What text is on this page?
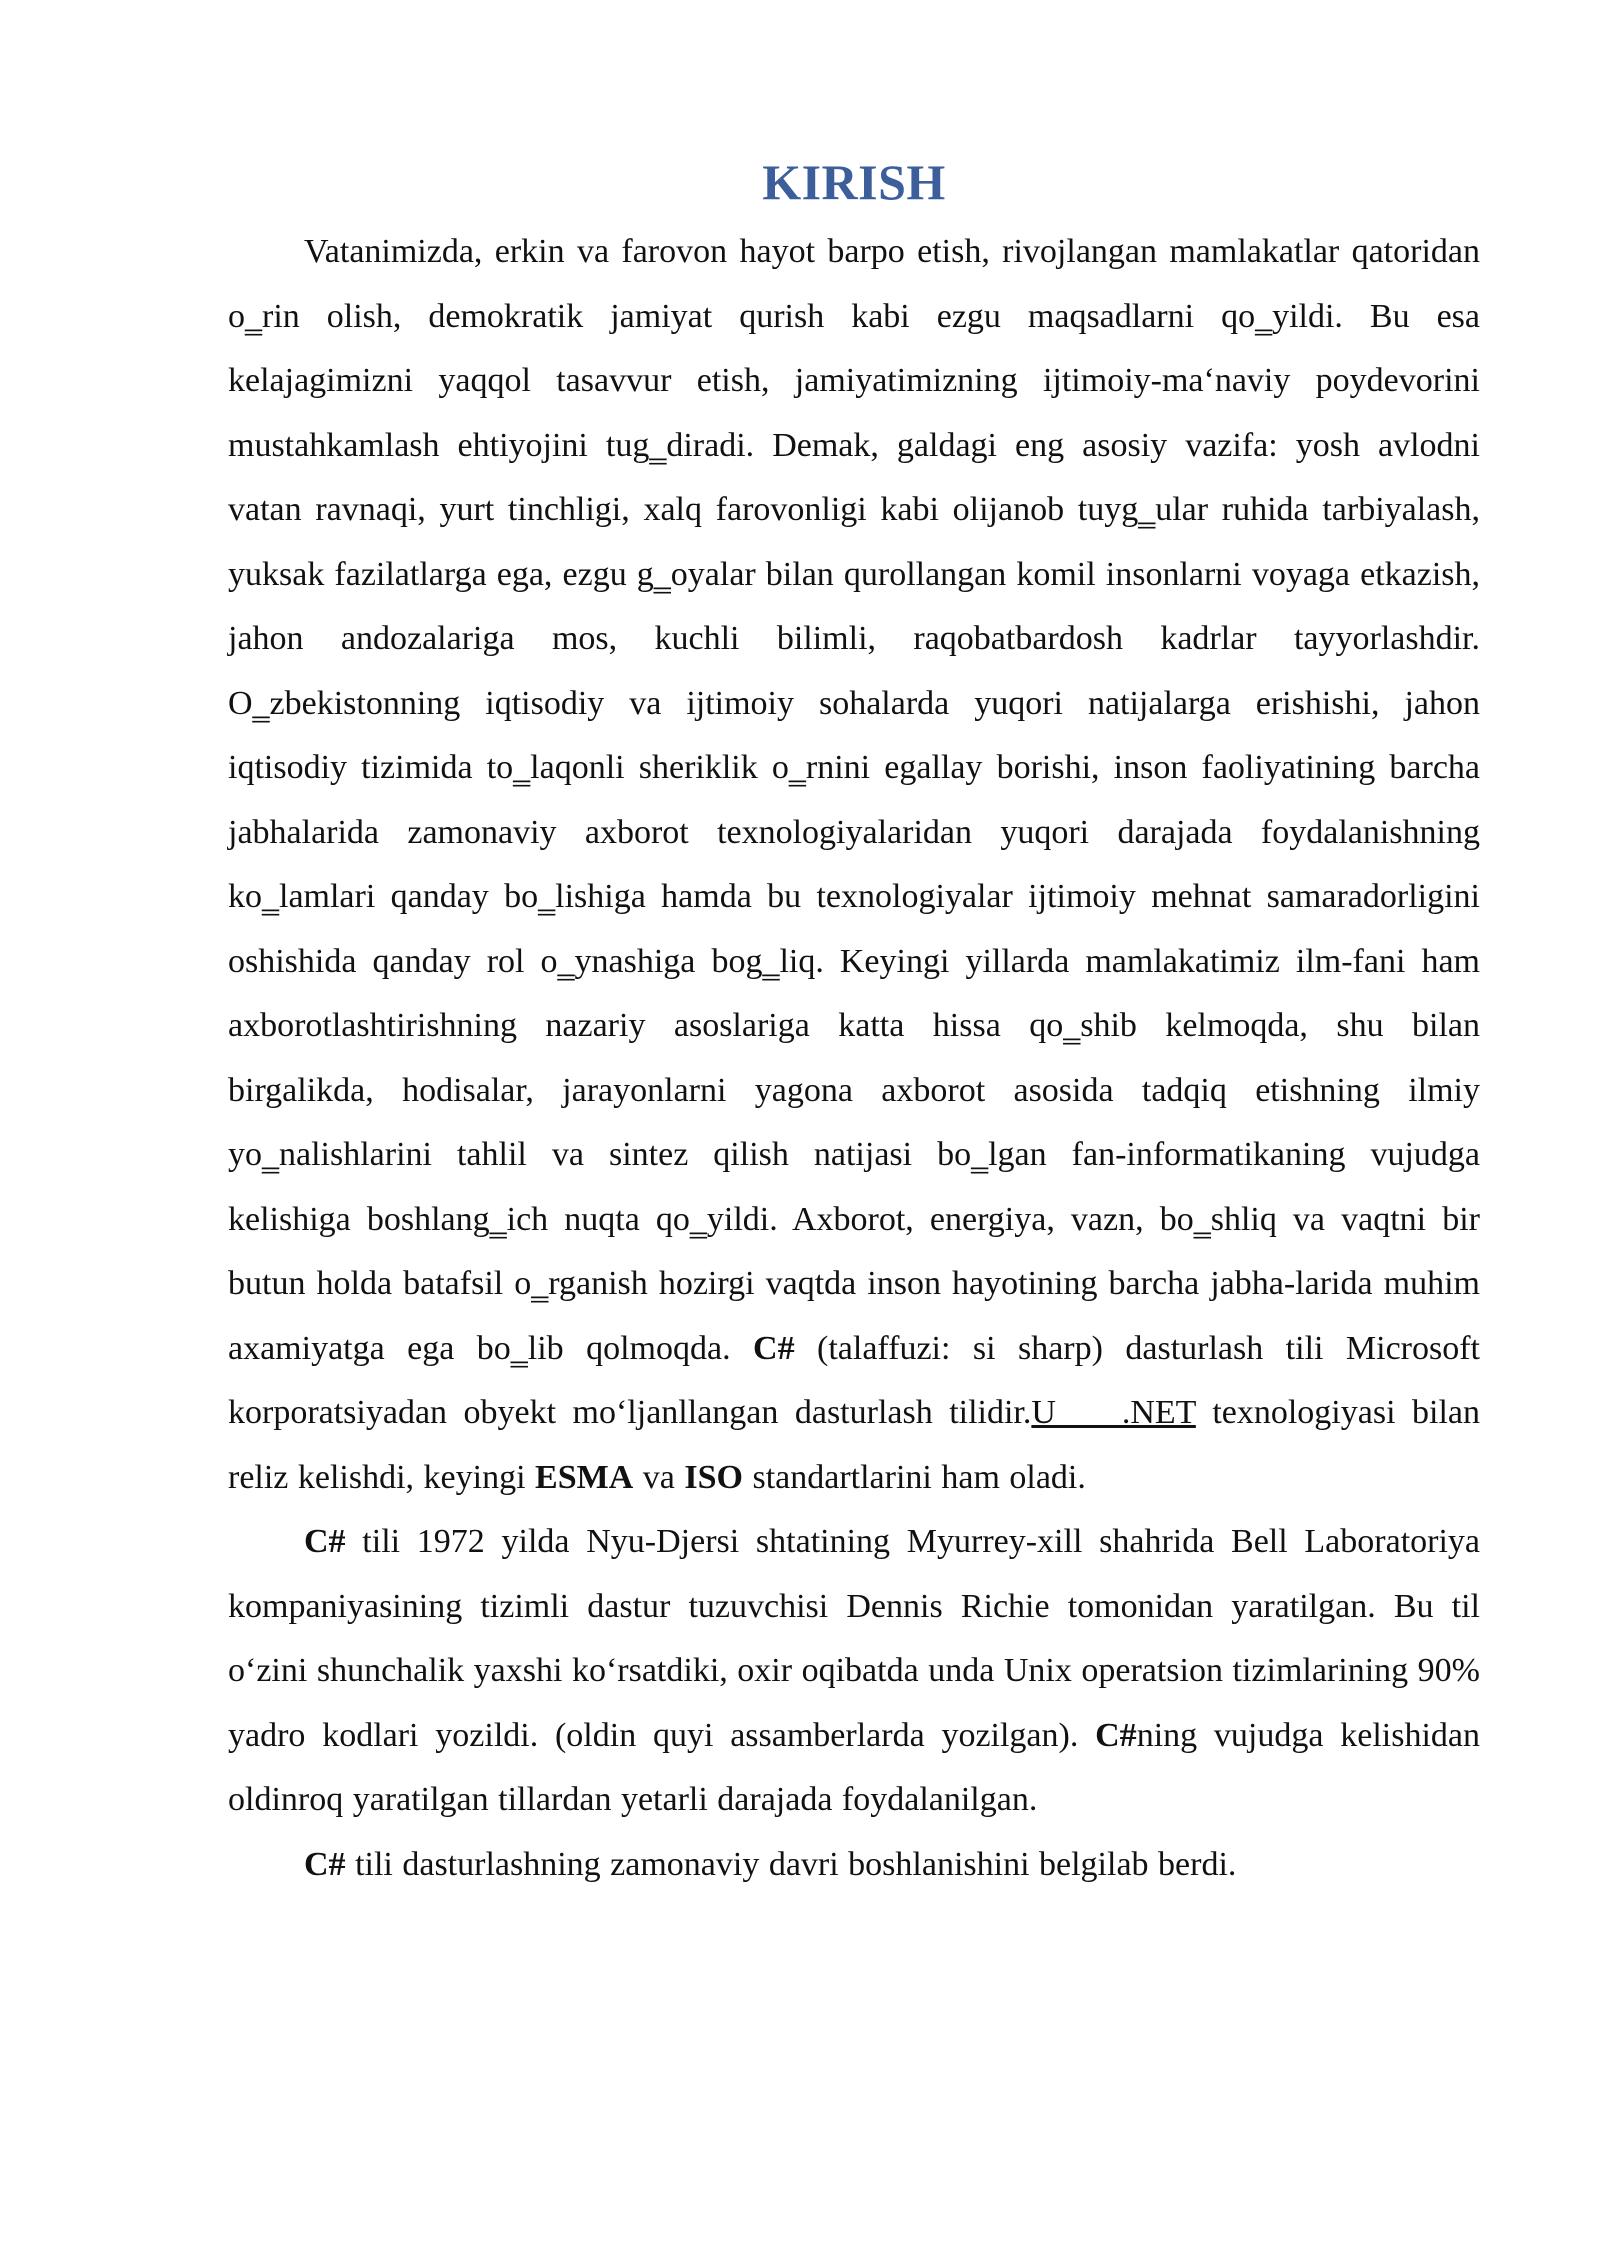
KIRISH

Vatanimizda, erkin va farovon hayot barpo etish, rivojlangan mamlakatlar qatoridan o‗rin olish, demokratik jamiyat qurish kabi ezgu maqsadlarni qo‗yildi. Bu esa kelajagimizni yaqqol tasavvur etish, jamiyatimizning ijtimoiy-ma‘naviy poydevorini mustahkamlash ehtiyojini tug‗diradi. Demak, galdagi eng asosiy vazifa: yosh avlodni vatan ravnaqi, yurt tinchligi, xalq farovonligi kabi olijanob tuyg‗ular ruhida tarbiyalash, yuksak fazilatlarga ega, ezgu g‗oyalar bilan qurollangan komil insonlarni voyaga etkazish, jahon andozalariga mos, kuchli bilimli, raqobatbardosh kadrlar tayyorlashdir. O‗zbekistonning iqtisodiy va ijtimoiy sohalarda yuqori natijalarga erishishi, jahon iqtisodiy tizimida to‗laqonli sheriklik o‗rnini egallay borishi, inson faoliyatining barcha jabhalarida zamonaviy axborot texnologiyalaridan yuqori darajada foydalanishning ko‗lamlari qanday bo‗lishiga hamda bu texnologiyalar ijtimoiy mehnat samaradorligini oshishida qanday rol o‗ynashiga bog‗liq. Keyingi yillarda mamlakatimiz ilm-fani ham axborotlashtirishning nazariy asoslariga katta hissa qo‗shib kelmoqda, shu bilan birgalikda, hodisalar, jarayonlarni yagona axborot asosida tadqiq etishning ilmiy yo‗nalishlarini tahlil va sintez qilish natijasi bo‗lgan fan-informatikaning vujudga kelishiga boshlang‗ich nuqta qo‗yildi. Axborot, energiya, vazn, bo‗shliq va vaqtni bir butun holda batafsil o‗rganish hozirgi vaqtda inson hayotining barcha jabha-larida muhim axamiyatga ega bo‗lib qolmoqda. C# (talaffuzi: si sharp) dasturlash tili Microsoft korporatsiyadan obyekt mo‘ljanllangan dasturlash tilidir.U    .NET texnologiyasi bilan reliz kelishdi, keyingi ESMA va ISO standartlarini ham oladi.

C# tili 1972 yilda Nyu-Djersi shtatining Myurrey-xill shahrida Bell Laboratoriya kompaniyasining tizimli dastur tuzuvchisi Dennis Richie tomonidan yaratilgan. Bu til o‘zini shunchalik yaxshi ko‘rsatdiki, oxir oqibatda unda Unix operatsion tizimlarining 90% yadro kodlari yozildi. (oldin quyi assamberlarda yozilgan). C#ning vujudga kelishidan oldinroq yaratilgan tillardan yetarli darajada foydalanilgan.

C# tili dasturlashning zamonaviy davri boshlanishini belgilab berdi.
